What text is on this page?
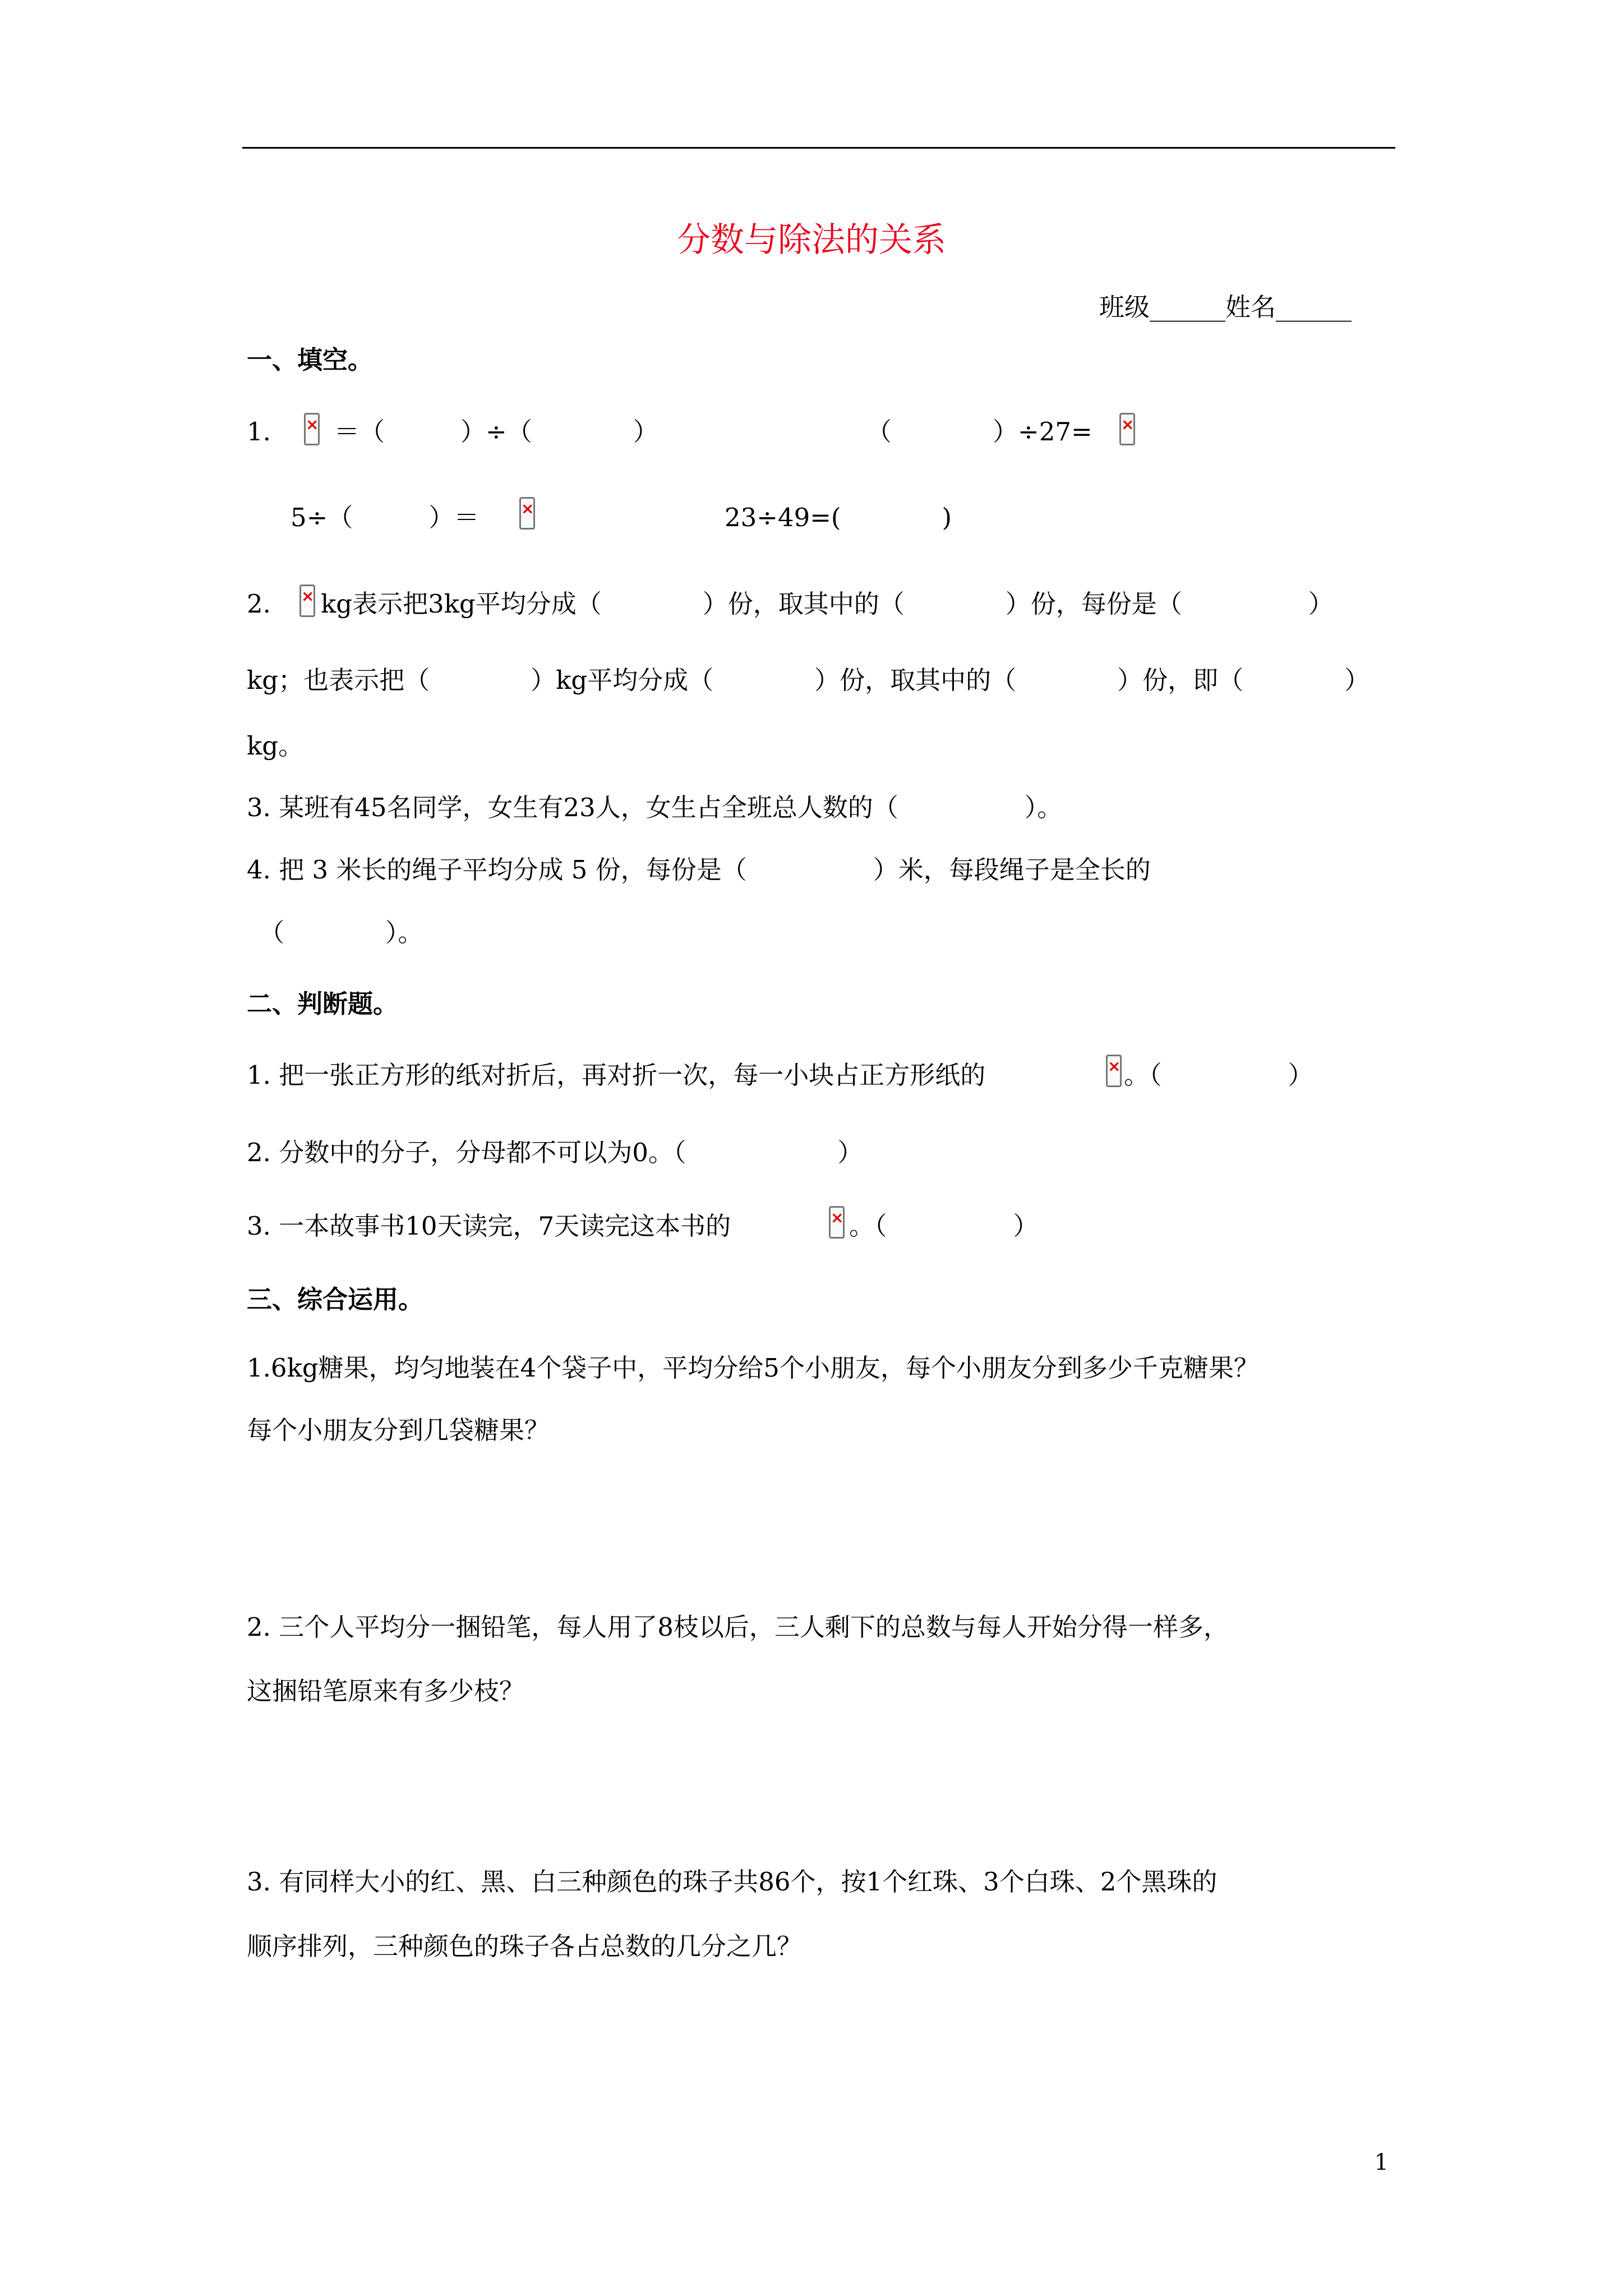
分数与除法的关系
班级______姓名______
一、填空。
1. ×	＝（　　　）÷（　　　　）	（　　　　）÷27=
×
5÷（　　　）＝ ×	23÷49=(　　　　)
2. × kg表示把3kg平均分成（　　　　）份，取其中的（　　　　）份，每份是（　　　　　）
kg；也表示把（　　　　）kg平均分成（　　　　）份，取其中的（　　　　）份，即（　　　　）
kg。
3. 某班有45名同学，女生有23人，女生占全班总人数的（　　　　　）。
4. 把 3 米长的绳子平均分成 5 份，每份是（　　　　　）米，每段绳子是全长的
（　　　　）。
二、判断题。
1. 把一张正方形的纸对折后，再对折一次，每一小块占正方形纸的 ×	。（　　　　　）
2. 分数中的分子，分母都不可以为0。（　　　　　　）
3. 一本故事书10天读完，7天读完这本书的 ×	。（　　　　　）
三、综合运用。
1.6kg糖果，均匀地装在4个袋子中，平均分给5个小朋友，每个小朋友分到多少千克糖果？
每个小朋友分到几袋糖果？
2. 三个人平均分一捆铅笔，每人用了8枝以后，三人剩下的总数与每人开始分得一样多，
这捆铅笔原来有多少枝？
3. 有同样大小的红、黑、白三种颜色的珠子共86个，按1个红珠、3个白珠、2个黑珠的
顺序排列，三种颜色的珠子各占总数的几分之几？
1
